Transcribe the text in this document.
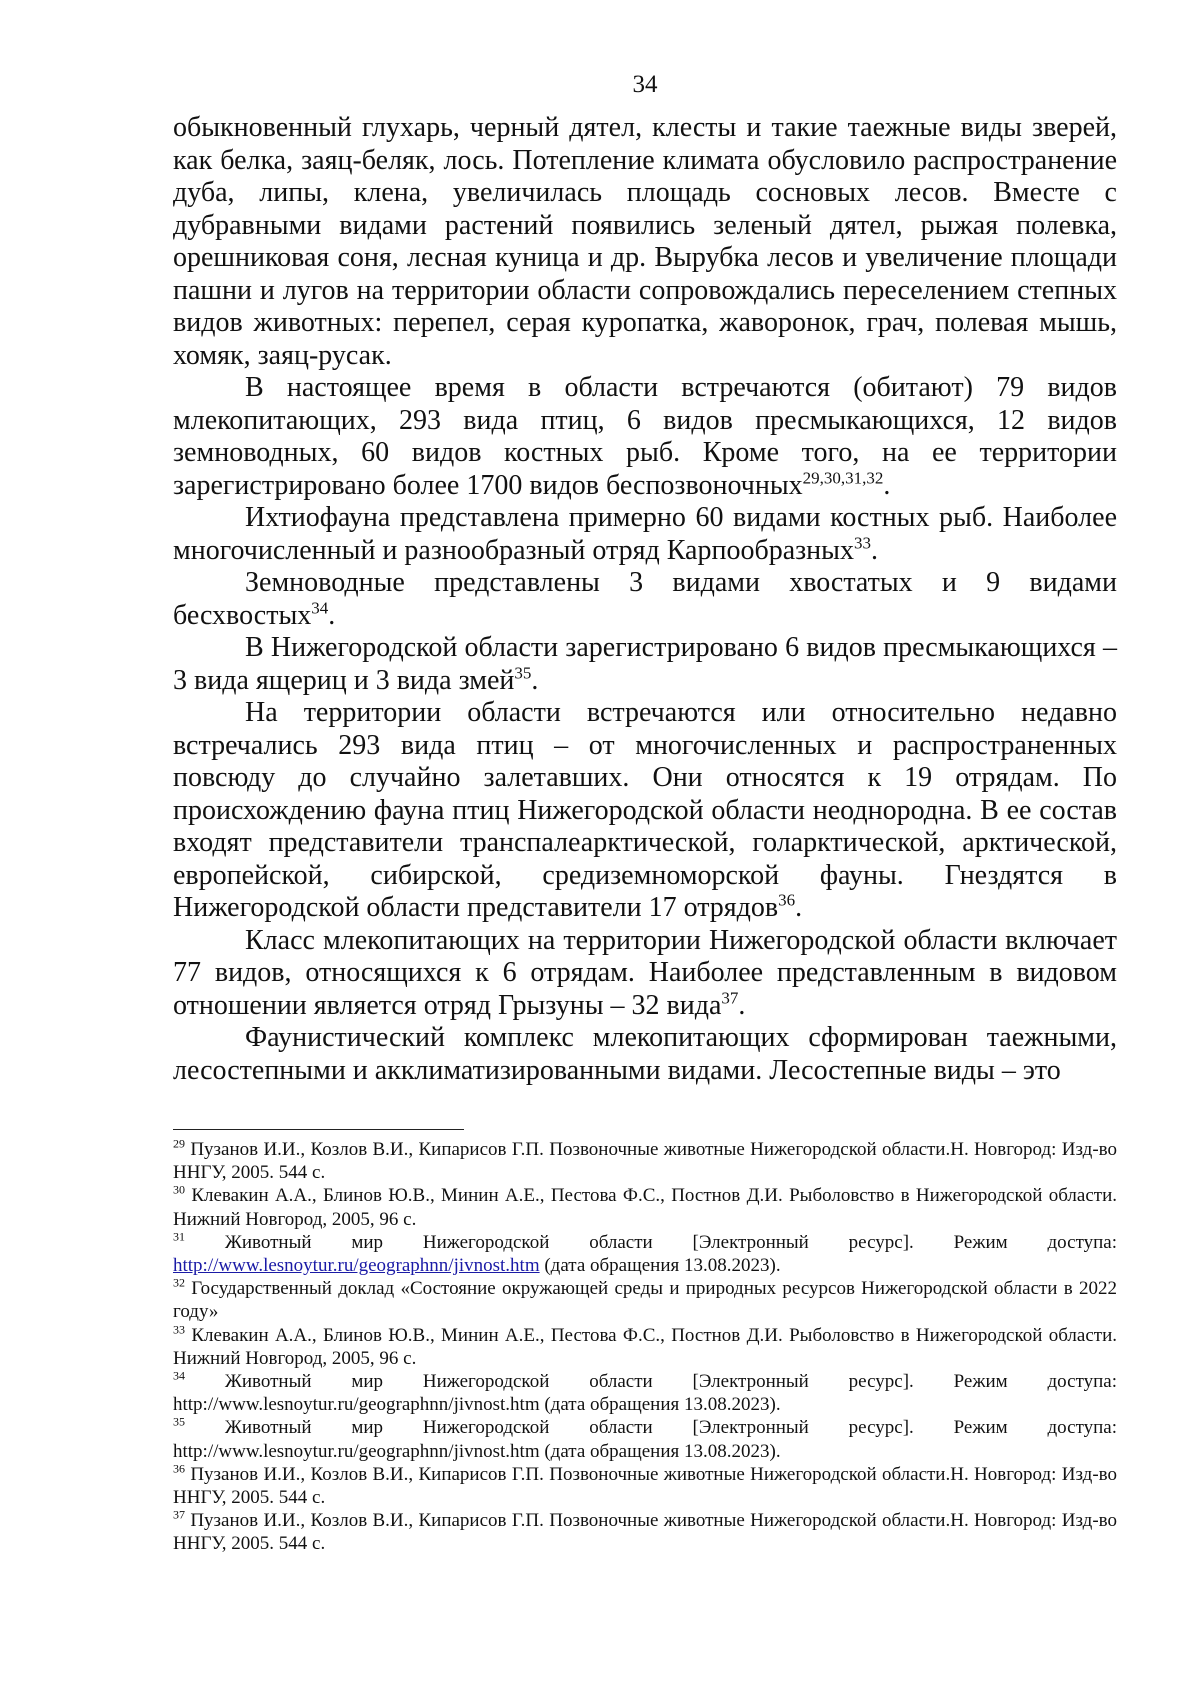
34

обыкновенный глухарь, черный дятел, клесты и такие таежные виды зверей, как белка, заяц-беляк, лось. Потепление климата обусловило распространение дуба, липы, клена, увеличилась площадь сосновых лесов. Вместе с дубравными видами растений появились зеленый дятел, рыжая полевка, орешниковая соня, лесная куница и др. Вырубка лесов и увеличение площади пашни и лугов на территории области сопровождались переселением степных видов животных: перепел, серая куропатка, жаворонок, грач, полевая мышь, хомяк, заяц-русак.

В настоящее время в области встречаются (обитают) 79 видов млекопитающих, 293 вида птиц, 6 видов пресмыкающихся, 12 видов земноводных, 60 видов костных рыб. Кроме того, на ее территории зарегистрировано более 1700 видов беспозвоночных$^{29,30,31,32}$.

Ихтиофауна представлена примерно 60 видами костных рыб. Наиболее многочисленный и разнообразный отряд Карпообразных$^{33}$.

Земноводные представлены 3 видами хвостатых и 9 видами бесхвостых$^{34}$.

В Нижегородской области зарегистрировано 6 видов пресмыкающихся – 3 вида ящериц и 3 вида змей$^{35}$.

На территории области встречаются или относительно недавно встречались 293 вида птиц – от многочисленных и распространенных повсюду до случайно залетавших. Они относятся к 19 отрядам. По происхождению фауна птиц Нижегородской области неоднородна. В ее состав входят представители транспалеарктической, голарктической, арктической, европейской, сибирской, средиземноморской фауны. Гнездятся в Нижегородской области представители 17 отрядов$^{36}$.

Класс млекопитающих на территории Нижегородской области включает 77 видов, относящихся к 6 отрядам. Наиболее представленным в видовом отношении является отряд Грызуны – 32 вида$^{37}$.

Фаунистический комплекс млекопитающих сформирован таежными, лесостепными и акклиматизированными видами. Лесостепные виды – это

$^{29}$ Пузанов И.И., Козлов В.И., Кипарисов Г.П. Позвоночные животные Нижегородской области.Н. Новгород: Изд-во ННГУ, 2005. 544 с.

$^{30}$ Клевакин А.А., Блинов Ю.В., Минин А.Е., Пестова Ф.С., Постнов Д.И. Рыболовство в Нижегородской области. Нижний Новгород, 2005, 96 с.

$^{31}$ Животный мир Нижегородской области [Электронный ресурс]. Режим доступа: http://www.lesnoytur.ru/geographnn/jivnost.htm (дата обращения 13.08.2023).

$^{32}$ Государственный доклад «Состояние окружающей среды и природных ресурсов Нижегородской области в 2022 году»

$^{33}$ Клевакин А.А., Блинов Ю.В., Минин А.Е., Пестова Ф.С., Постнов Д.И. Рыболовство в Нижегородской области. Нижний Новгород, 2005, 96 с.

$^{34}$ Животный мир Нижегородской области [Электронный ресурс]. Режим доступа: http://www.lesnoytur.ru/geographnn/jivnost.htm (дата обращения 13.08.2023).

$^{35}$ Животный мир Нижегородской области [Электронный ресурс]. Режим доступа: http://www.lesnoytur.ru/geographnn/jivnost.htm (дата обращения 13.08.2023).

$^{36}$ Пузанов И.И., Козлов В.И., Кипарисов Г.П. Позвоночные животные Нижегородской области.Н. Новгород: Изд-во ННГУ, 2005. 544 с.

$^{37}$ Пузанов И.И., Козлов В.И., Кипарисов Г.П. Позвоночные животные Нижегородской области.Н. Новгород: Изд-во ННГУ, 2005. 544 с.
